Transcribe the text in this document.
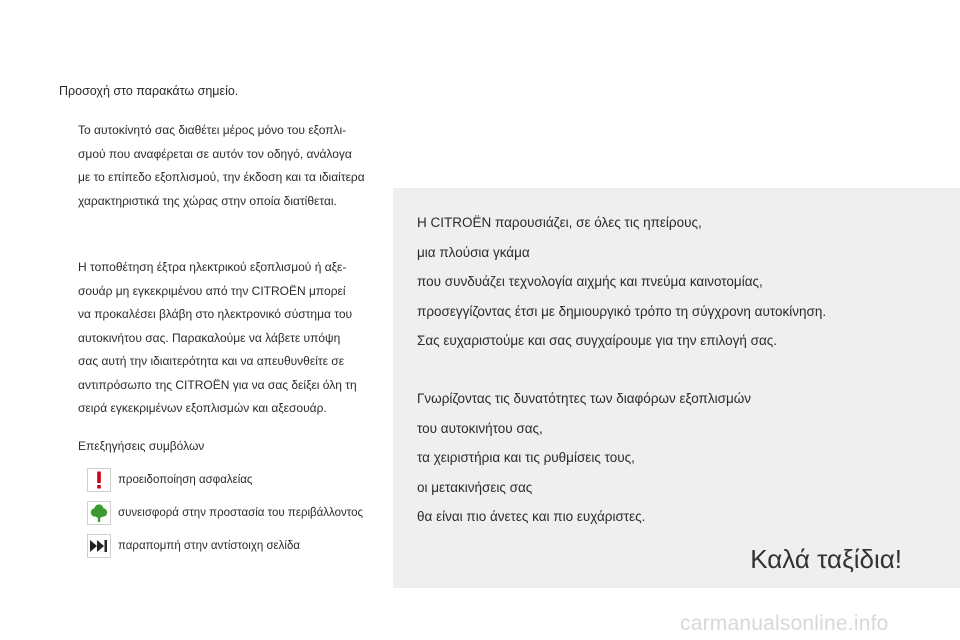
Προσοχή στο παρακάτω σημείο.

Το αυτοκίνητό σας διαθέτει μέρος μόνο του εξοπλι-

σμού που αναφέρεται σε αυτόν τον οδηγό, ανάλογα

με το επίπεδο εξοπλισμού, την έκδοση και τα ιδιαίτερα

χαρακτηριστικά της χώρας στην οποία διατίθεται.

Η τοποθέτηση έξτρα ηλεκτρικού εξοπλισμού ή αξε-

σουάρ μη εγκεκριμένου από την CITROËN μπορεί

να προκαλέσει βλάβη στο ηλεκτρονικό σύστημα του

αυτοκινήτου σας. Παρακαλούμε να λάβετε υπόψη

σας αυτή την ιδιαιτερότητα και να απευθυνθείτε σε

αντιπρόσωπο της CITROËN για να σας δείξει όλη τη

σειρά εγκεκριμένων εξοπλισμών και αξεσουάρ.

Επεξηγήσεις συμβόλων
προειδοποίηση ασφαλείας
συνεισφορά στην προστασία του περιβάλλοντος
παραπομπή στην αντίστοιχη σελίδα
Η CITROËN παρουσιάζει, σε όλες τις ηπείρους,
μια πλούσια γκάμα
που συνδυάζει τεχνολογία αιχμής και πνεύμα καινοτομίας,
προσεγγίζοντας έτσι με δημιουργικό τρόπο τη σύγχρονη αυτοκίνηση.
Σας ευχαριστούμε και σας συγχαίρουμε για την επιλογή σας.
Γνωρίζοντας τις δυνατότητες των διαφόρων εξοπλισμών
του αυτοκινήτου σας,
τα χειριστήρια και τις ρυθμίσεις τους,
οι μετακινήσεις σας
θα είναι πιο άνετες και πιο ευχάριστες.
Καλά ταξίδια!
carmanualsonline.info
